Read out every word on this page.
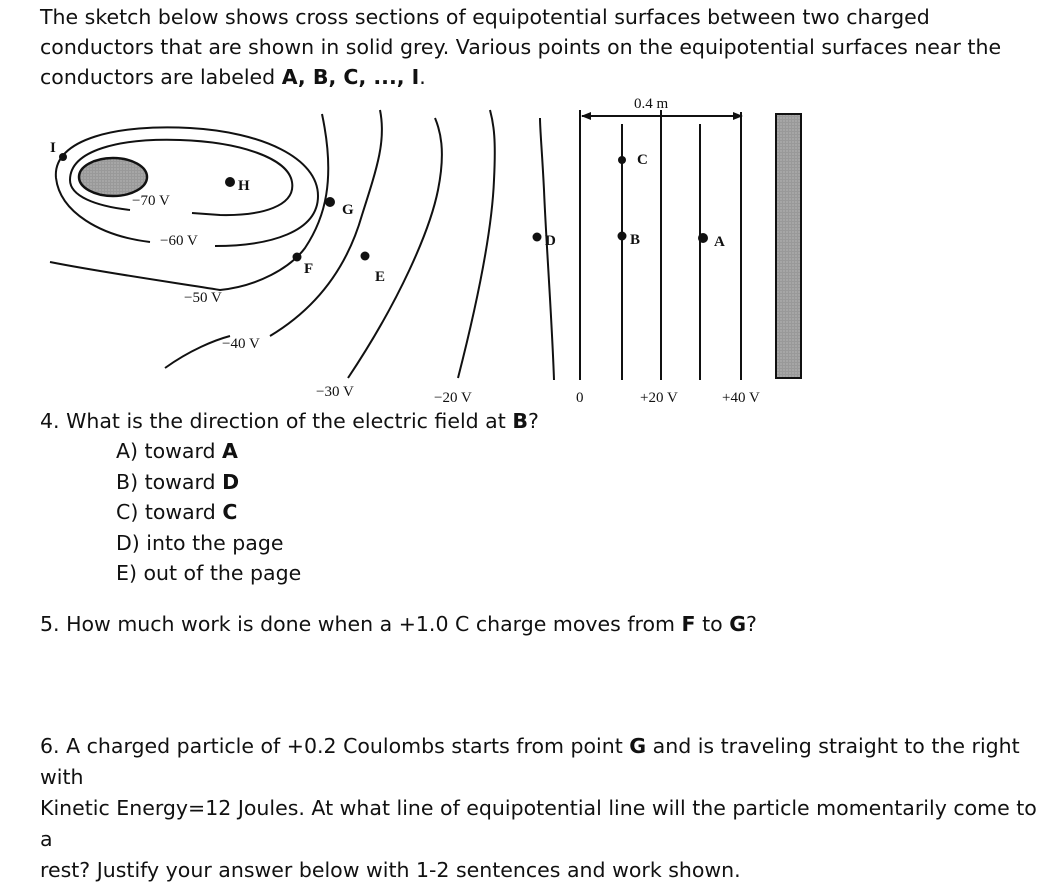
The sketch below shows cross sections of equipotential surfaces between two charged
conductors that are shown in solid grey. Various points on the equipotential surfaces near the
conductors are labeled A, B, C, ..., I.

I
H
G
F	E
D
C
B	A
−70 V
−60 V
−50 V
−40 V
−30 V	−20 V	0	+20 V	+40 V
0.4 m

4. What is the direction of the electric field at B?

A) toward A
B) toward D
C) toward C
D) into the page
E) out of the page

5. How much work is done when a +1.0 C charge moves from F to G?

6. A charged particle of +0.2 Coulombs starts from point G and is traveling straight to the right with
Kinetic Energy=12 Joules. At what line of equipotential line will the particle momentarily come to a
rest? Justify your answer below with 1-2 sentences and work shown.
